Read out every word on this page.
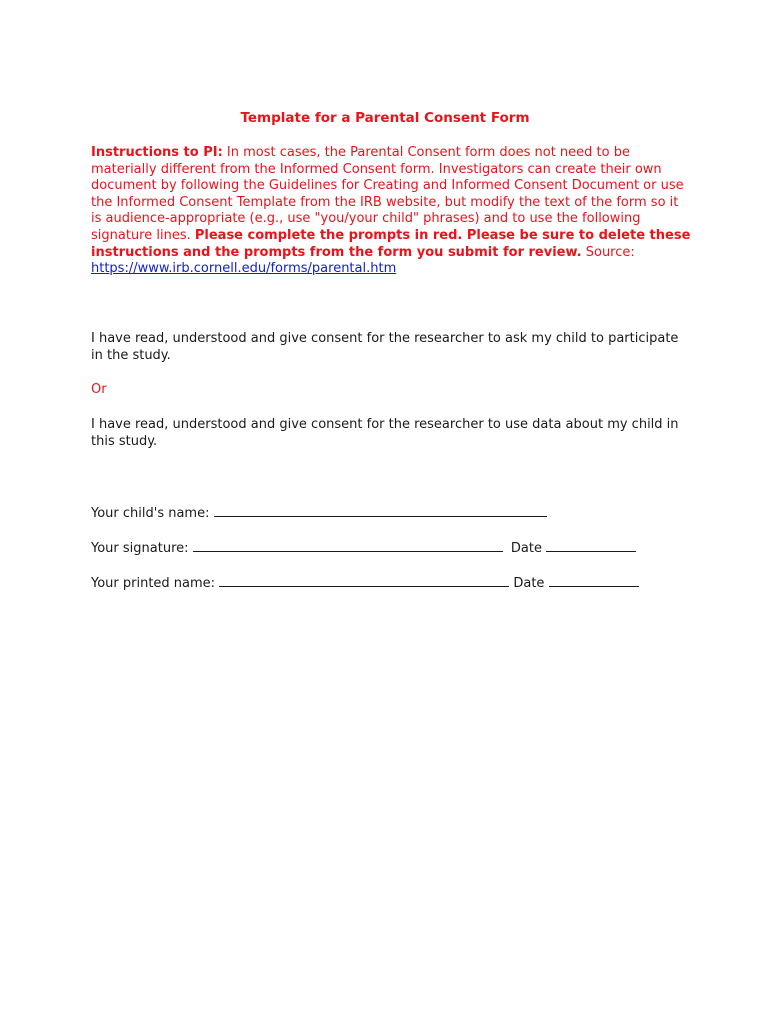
Template for a Parental Consent Form

Instructions to PI: In most cases, the Parental Consent form does not need to be materially different from the Informed Consent form. Investigators can create their own document by following the Guidelines for Creating and Informed Consent Document or use the Informed Consent Template from the IRB website, but modify the text of the form so it is audience-appropriate (e.g., use "you/your child" phrases) and to use the following signature lines. Please complete the prompts in red. Please be sure to delete these instructions and the prompts from the form you submit for review. Source: https://www.irb.cornell.edu/forms/parental.htm

I have read, understood and give consent for the researcher to ask my child to participate in the study.

Or

I have read, understood and give consent for the researcher to use data about my child in this study.

Your child's name:

Your signature:	Date

Your printed name:	Date
